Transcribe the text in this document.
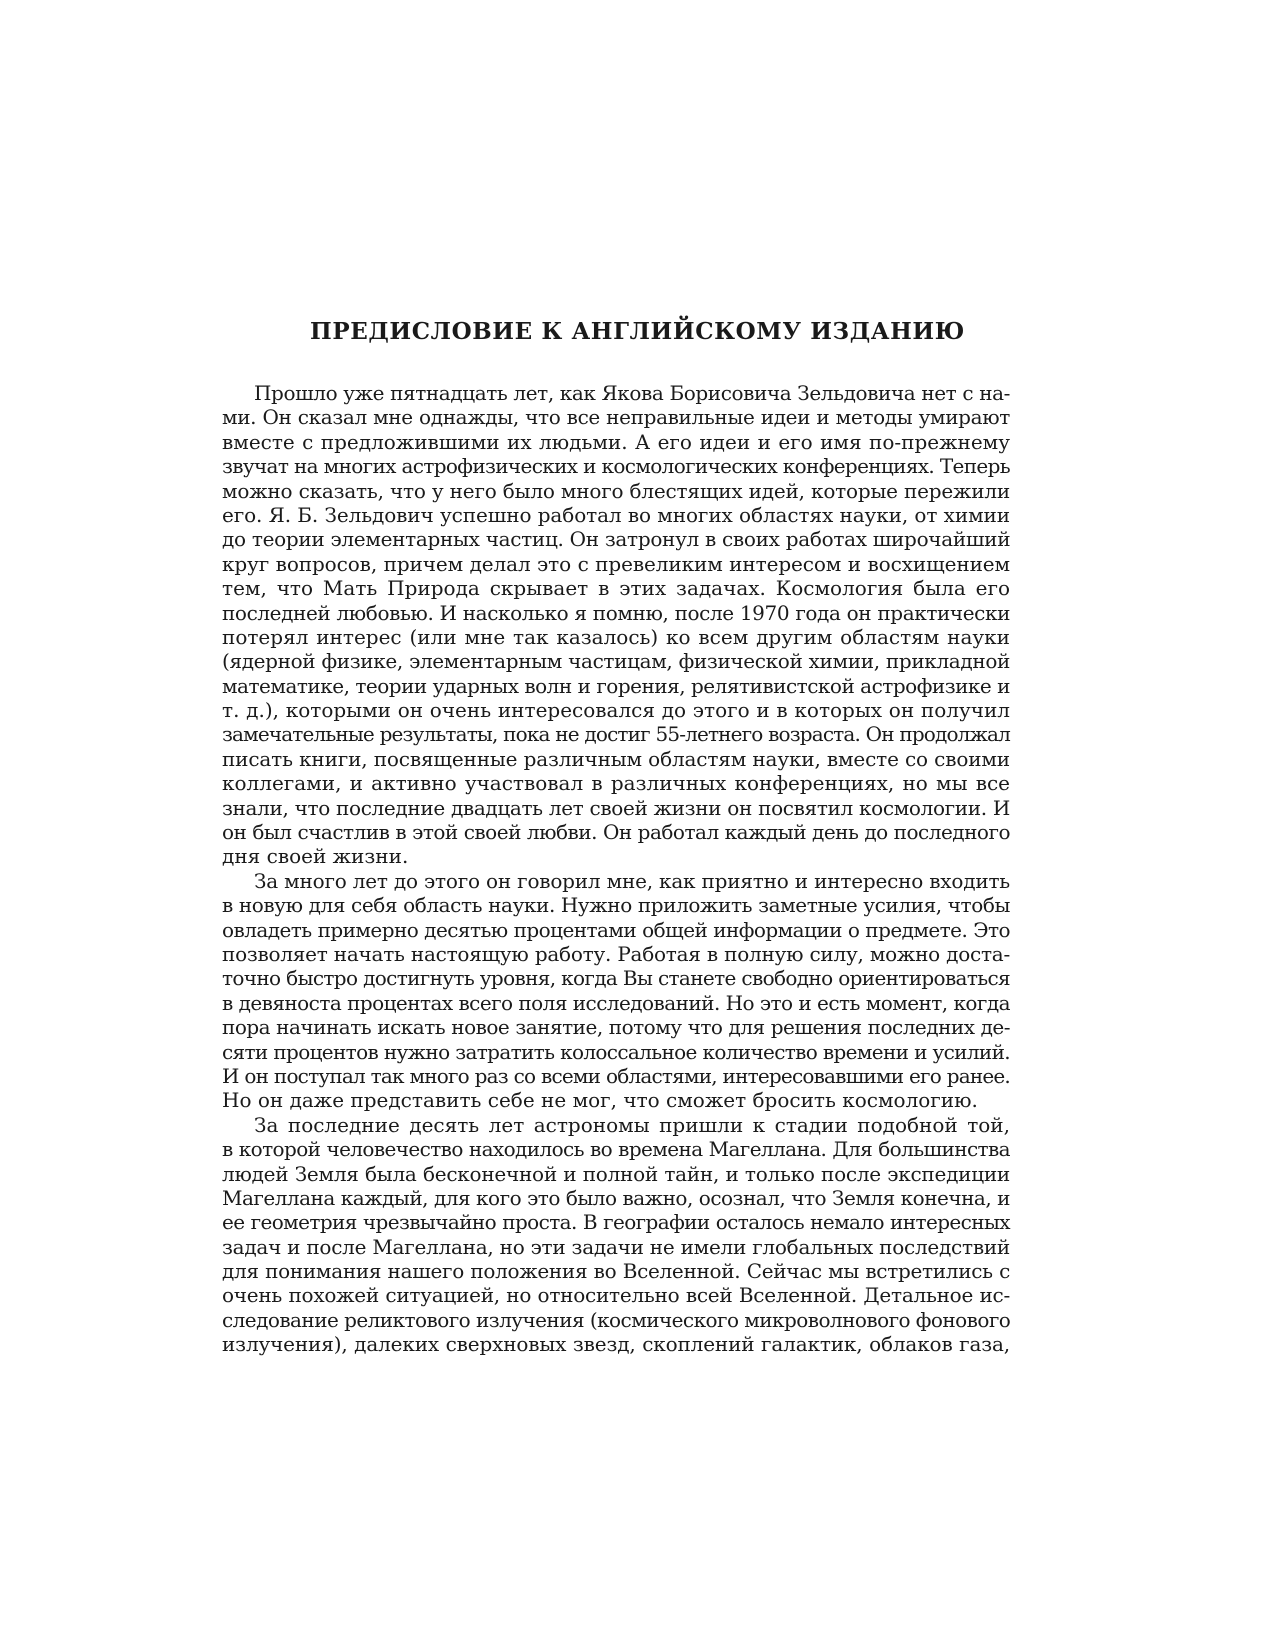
ПРЕДИСЛОВИЕ К АНГЛИЙСКОМУ ИЗДАНИЮ
Прошло уже пятнадцать лет, как Якова Борисовича Зельдовича нет с на-
ми. Он сказал мне однажды, что все неправильные идеи и методы умирают
вместе с предложившими их людьми. А его идеи и его имя по-прежнему
звучат на многих астрофизических и космологических конференциях. Теперь
можно сказать, что у него было много блестящих идей, которые пережили
его. Я. Б. Зельдович успешно работал во многих областях науки, от химии
до теории элементарных частиц. Он затронул в своих работах широчайший
круг вопросов, причем делал это с превеликим интересом и восхищением
тем, что Мать Природа скрывает в этих задачах. Космология была его
последней любовью. И насколько я помню, после 1970 года он практически
потерял интерес (или мне так казалось) ко всем другим областям науки
(ядерной физике, элементарным частицам, физической химии, прикладной
математике, теории ударных волн и горения, релятивистской астрофизике и
т. д.), которыми он очень интересовался до этого и в которых он получил
замечательные результаты, пока не достиг 55-летнего возраста. Он продолжал
писать книги, посвященные различным областям науки, вместе со своими
коллегами, и активно участвовал в различных конференциях, но мы все
знали, что последние двадцать лет своей жизни он посвятил космологии. И
он был счастлив в этой своей любви. Он работал каждый день до последного
дня своей жизни.
За много лет до этого он говорил мне, как приятно и интересно входить
в новую для себя область науки. Нужно приложить заметные усилия, чтобы
овладеть примерно десятью процентами общей информации о предмете. Это
позволяет начать настоящую работу. Работая в полную силу, можно доста-
точно быстро достигнуть уровня, когда Вы станете свободно ориентироваться
в девяноста процентах всего поля исследований. Но это и есть момент, когда
пора начинать искать новое занятие, потому что для решения последних де-
сяти процентов нужно затратить колоссальное количество времени и усилий.
И он поступал так много раз со всеми областями, интересовавшими его ранее.
Но он даже представить себе не мог, что сможет бросить космологию.
За последние десять лет астрономы пришли к стадии подобной той,
в которой человечество находилось во времена Магеллана. Для большинства
людей Земля была бесконечной и полной тайн, и только после экспедиции
Магеллана каждый, для кого это было важно, осознал, что Земля конечна, и
ее геометрия чрезвычайно проста. В географии осталось немало интересных
задач и после Магеллана, но эти задачи не имели глобальных последствий
для понимания нашего положения во Вселенной. Сейчас мы встретились с
очень похожей ситуацией, но относительно всей Вселенной. Детальное ис-
следование реликтового излучения (космического микроволнового фонового
излучения), далеких сверхновых звезд, скоплений галактик, облаков газа,
